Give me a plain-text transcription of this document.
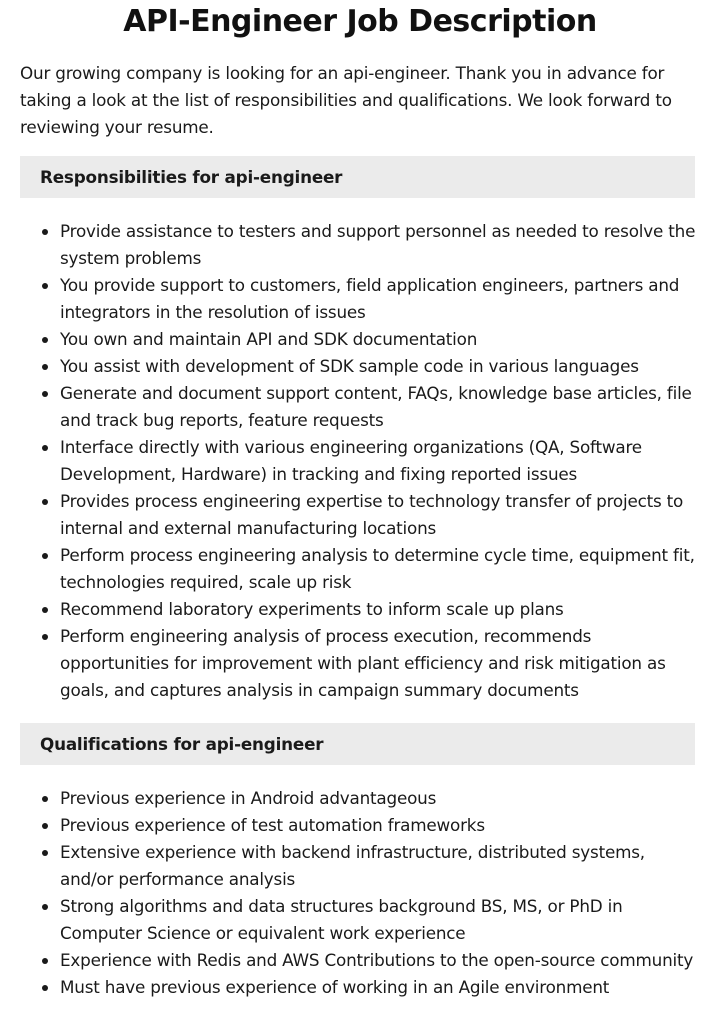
API-Engineer Job Description

Our growing company is looking for an api-engineer. Thank you in advance for taking a look at the list of responsibilities and qualifications. We look forward to reviewing your resume.

Responsibilities for api-engineer
Provide assistance to testers and support personnel as needed to resolve the system problems
You provide support to customers, field application engineers, partners and integrators in the resolution of issues
You own and maintain API and SDK documentation
You assist with development of SDK sample code in various languages
Generate and document support content, FAQs, knowledge base articles, file and track bug reports, feature requests
Interface directly with various engineering organizations (QA, Software Development, Hardware) in tracking and fixing reported issues
Provides process engineering expertise to technology transfer of projects to internal and external manufacturing locations
Perform process engineering analysis to determine cycle time, equipment fit, technologies required, scale up risk
Recommend laboratory experiments to inform scale up plans
Perform engineering analysis of process execution, recommends opportunities for improvement with plant efficiency and risk mitigation as goals, and captures analysis in campaign summary documents
Qualifications for api-engineer
Previous experience in Android advantageous
Previous experience of test automation frameworks
Extensive experience with backend infrastructure, distributed systems, and/or performance analysis
Strong algorithms and data structures background BS, MS, or PhD in Computer Science or equivalent work experience
Experience with Redis and AWS Contributions to the open-source community
Must have previous experience of working in an Agile environment
